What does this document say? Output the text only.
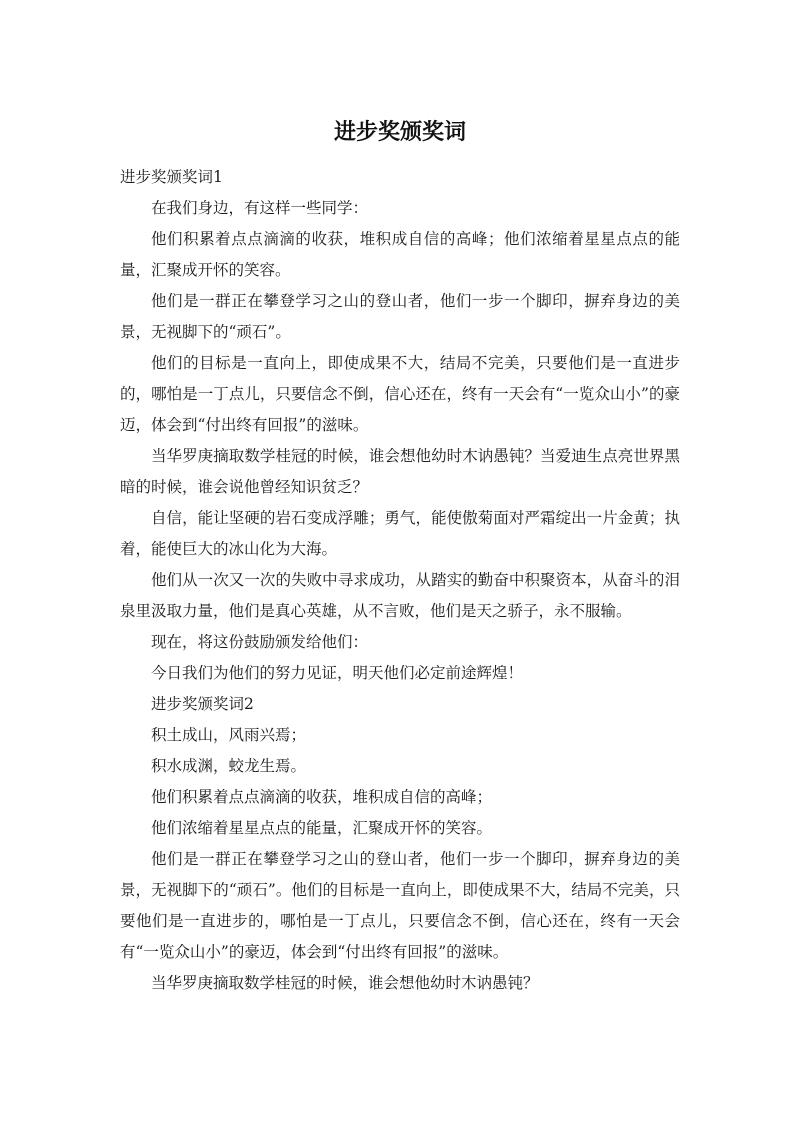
进步奖颁奖词

进步奖颁奖词1

在我们身边，有这样一些同学：

他们积累着点点滴滴的收获，堆积成自信的高峰；他们浓缩着星星点点的能量，汇聚成开怀的笑容。

他们是一群正在攀登学习之山的登山者，他们一步一个脚印，摒弃身边的美景，无视脚下的“顽石”。

他们的目标是一直向上，即使成果不大，结局不完美，只要他们是一直进步的，哪怕是一丁点儿，只要信念不倒，信心还在，终有一天会有“一览众山小”的豪迈，体会到“付出终有回报”的滋味。

当华罗庚摘取数学桂冠的时候，谁会想他幼时木讷愚钝？当爱迪生点亮世界黑暗的时候，谁会说他曾经知识贫乏？

自信，能让坚硬的岩石变成浮雕；勇气，能使傲菊面对严霜绽出一片金黄；执着，能使巨大的冰山化为大海。

他们从一次又一次的失败中寻求成功，从踏实的勤奋中积聚资本，从奋斗的泪泉里汲取力量，他们是真心英雄，从不言败，他们是天之骄子，永不服输。

现在，将这份鼓励颁发给他们：

今日我们为他们的努力见证，明天他们必定前途辉煌！

进步奖颁奖词2

积土成山，风雨兴焉；

积水成渊，蛟龙生焉。

他们积累着点点滴滴的收获，堆积成自信的高峰；

他们浓缩着星星点点的能量，汇聚成开怀的笑容。

他们是一群正在攀登学习之山的登山者，他们一步一个脚印，摒弃身边的美景，无视脚下的“顽石”。他们的目标是一直向上，即使成果不大，结局不完美，只要他们是一直进步的，哪怕是一丁点儿，只要信念不倒，信心还在，终有一天会有“一览众山小”的豪迈，体会到“付出终有回报”的滋味。

当华罗庚摘取数学桂冠的时候，谁会想他幼时木讷愚钝？
